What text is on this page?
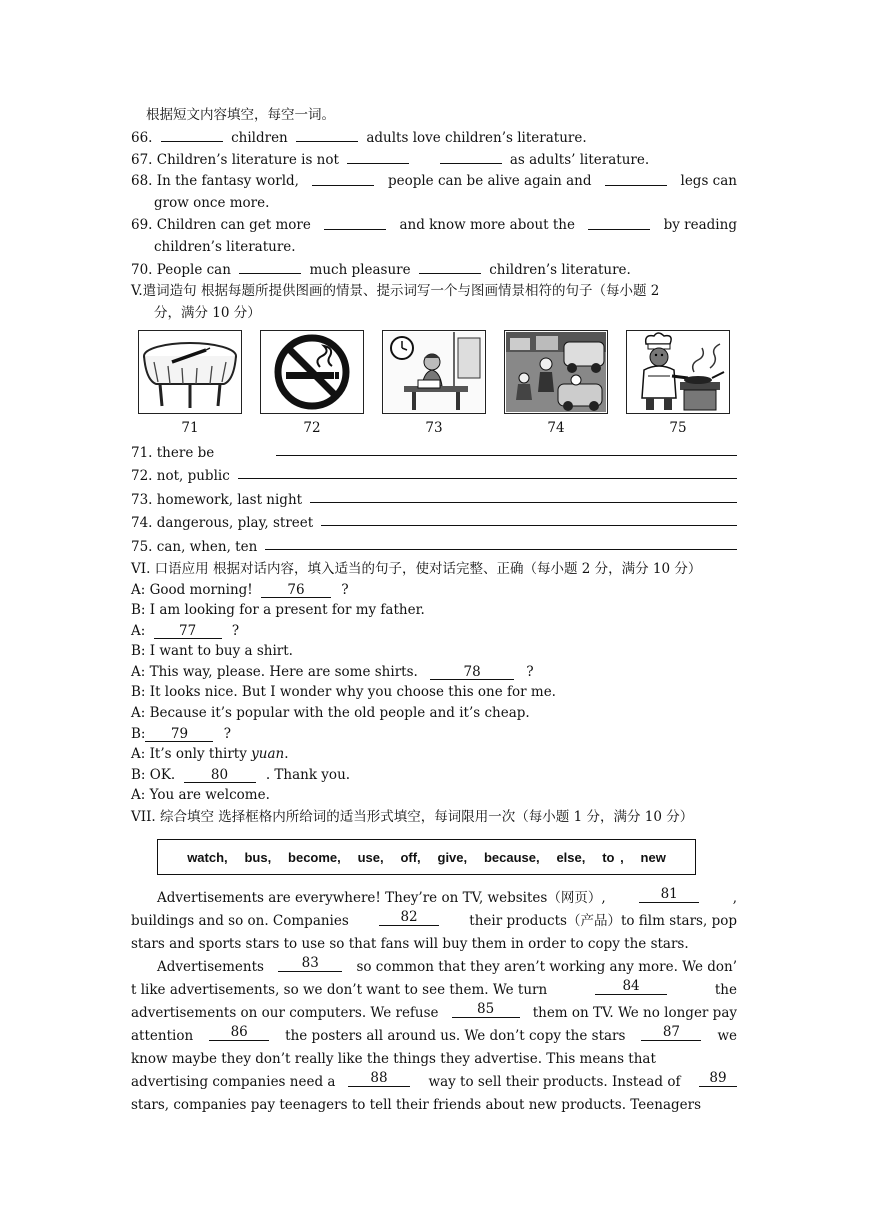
根据短文内容填空，每空一词。
66.	children	adults love children’s literature.
67. Children’s literature is not	as adults’ literature.
68. In the fantasy world,	people can be alive again and	legs can
grow once more.
69. Children can get more	and know more about the	by reading
children’s literature.
70. People can	much pleasure	children’s literature.
V.遣词造句 根据每题所提供图画的情景、提示词写一个与图画情景相符的句子（每小题 2
分，满分 10 分）
71	72	73	74	75
71. there be
72. not, public
73. homework, last night
74. dangerous, play, street
75. can, when, ten
VI. 口语应用 根据对话内容，填入适当的句子，使对话完整、正确（每小题 2 分，满分 10 分）
A: Good morning!	76	?
B: I am looking for a present for my father.
A: 77	?
B: I want to buy a shirt.
A: This way, please. Here are some shirts.	78	?
B: It looks nice. But I wonder why you choose this one for me.
A: Because it’s popular with the old people and it’s cheap.
B: 79	?
A: It’s only thirty yuan.
B: OK.	80	. Thank you.
A: You are welcome.
VII. 综合填空 选择框格内所给词的适当形式填空，每词限用一次（每小题 1 分，满分 10 分）
watch,   bus,   become,   use,   off,   give,   because,   else,   to ,   new
Advertisements are everywhere! They’re on TV, websites（网页）,	81	,
buildings and so on. Companies	82	their products（产品）to film stars, pop
stars and sports stars to use so that fans will buy them in order to copy the stars.
Advertisements	83	so common that they aren’t working any more. We don’
t like advertisements, so we don’t want to see them. We turn	84	the
advertisements on our computers. We refuse	85	them on TV. We no longer pay
attention	86	the posters all around us. We don’t copy the stars	87	we
know maybe they don’t really like the things they advertise. This means that
advertising companies need a	88	way to sell their products. Instead of	89
stars, companies pay teenagers to tell their friends about new products. Teenagers
